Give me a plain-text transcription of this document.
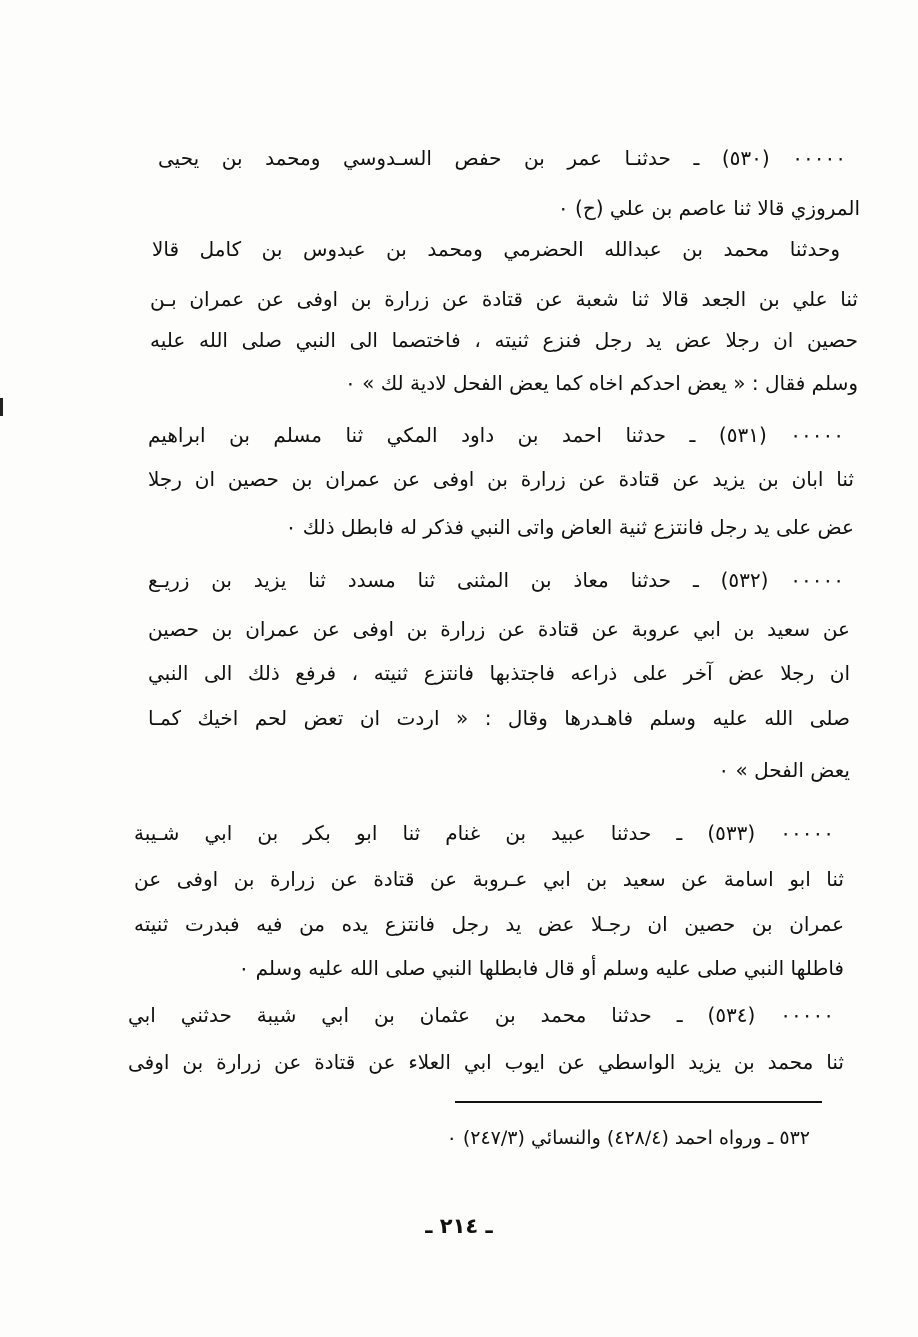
٠٠٠٠٠ (٥٣٠) ـ حدثنـا عمر بن حفص السـدوسي ومحمد بن يحيى
المروزي قالا ثنا عاصم بن علي (ح) ٠
وحدثنا محمد بن عبدالله الحضرمي ومحمد بن عبدوس بن كامل قالا
ثنا علي بن الجعد قالا ثنا شعبة عن قتادة عن زرارة بن اوفى عن عمران بـن
حصين ان رجلا عض يد رجل فنزع ثنيته ، فاختصما الى النبي صلى الله عليه
وسلم فقال : « يعض احدكم اخاه كما يعض الفحل لادية لك » ٠
٠٠٠٠٠ (٥٣١) ـ حدثنا احمد بن داود المكي ثنا مسلم بن ابراهيم
ثنا ابان بن يزيد عن قتادة عن زرارة بن اوفى عن عمران بن حصين ان رجلا
عض على يد رجل فانتزع ثنية العاض واتى النبي فذكر له فابطل ذلك ٠
٠٠٠٠٠ (٥٣٢) ـ حدثنا معاذ بن المثنى ثنا مسدد ثنا يزيد بن زريـع
عن سعيد بن ابي عروبة عن قتادة عن زرارة بن اوفى عن عمران بن حصين
ان رجلا عض آخر على ذراعه فاجتذبها فانتزع ثنيته ، فرفع ذلك الى النبي
صلى الله عليه وسلم فاهـدرها وقال : « اردت ان تعض لحم اخيك كمـا
يعض الفحل » ٠
٠٠٠٠٠ (٥٣٣) ـ حدثنا عبيد بن غنام ثنا ابو بكر بن ابي شـيبة
ثنا ابو اسامة عن سعيد بن ابي عـروبة عن قتادة عن زرارة بن اوفى عن
عمران بن حصين ان رجـلا عض يد رجل فانتزع يده من فيه فبدرت ثنيته
فاطلها النبي صلى عليه وسلم أو قال فابطلها النبي صلى الله عليه وسلم ٠
٠٠٠٠٠ (٥٣٤) ـ حدثنا محمد بن عثمان بن ابي شيبة حدثني ابي
ثنا محمد بن يزيد الواسطي عن ايوب ابي العلاء عن قتادة عن زرارة بن اوفى
٥٣٢ ـ ورواه احمد (٤٢٨/٤) والنسائي (٢٤٧/٣) ٠
ـ ٢١٤ ـ
